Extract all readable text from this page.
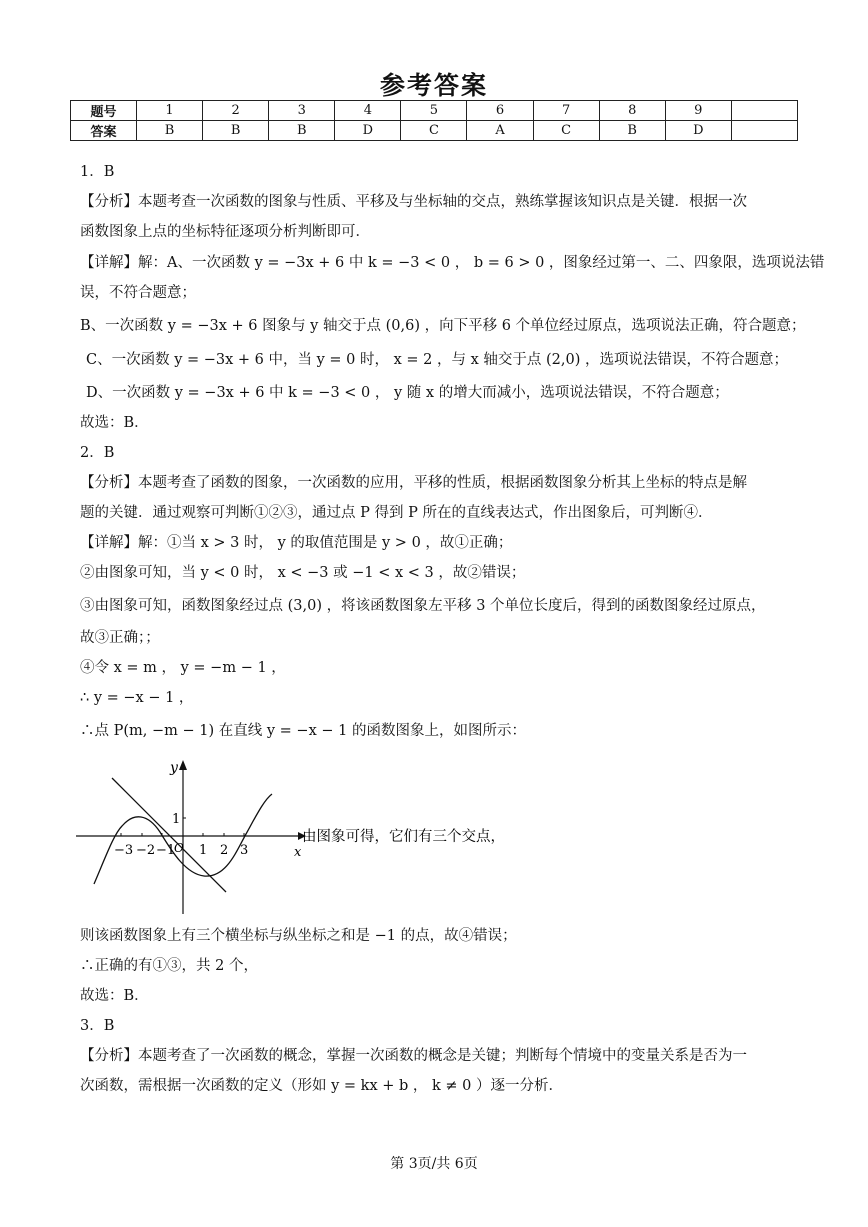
参考答案
题号	1	2	3	4	5	6	7	8	9	
答案	B	B	B	D	C	A	C	B	D	
1．B
【分析】本题考查一次函数的图象与性质、平移及与坐标轴的交点，熟练掌握该知识点是关键．根据一次
函数图象上点的坐标特征逐项分析判断即可．
【详解】解：A、一次函数 y = −3x + 6 中 k = −3 < 0 ， b = 6 > 0 ，图象经过第一、二、四象限，选项说法错
误，不符合题意；
B、一次函数 y = −3x + 6 图象与 y 轴交于点 (0,6) ，向下平移 6 个单位经过原点，选项说法正确，符合题意；
C、一次函数 y = −3x + 6 中，当 y = 0 时， x = 2 ，与 x 轴交于点 (2,0) ，选项说法错误，不符合题意；
D、一次函数 y = −3x + 6 中 k = −3 < 0 ， y 随 x 的增大而减小，选项说法错误，不符合题意；
故选：B．
2．B
【分析】本题考查了函数的图象，一次函数的应用，平移的性质，根据函数图象分析其上坐标的特点是解
题的关键．通过观察可判断①②③，通过点 P 得到 P 所在的直线表达式，作出图象后，可判断④．
【详解】解：①当 x > 3 时， y 的取值范围是 y > 0 ，故①正确；
②由图象可知，当 y < 0 时， x < −3 或 −1 < x < 3 ，故②错误；
③由图象可知，函数图象经过点 (3,0) ，将该函数图象左平移 3 个单位长度后，得到的函数图象经过原点，
故③正确；；
④令 x = m ， y = −m − 1 ，
∴ y = −x − 1 ，
∴点 P(m, −m − 1) 在直线 y = −x − 1 的函数图象上，如图所示：
y
x
−3 −2 −1 1 2 3
O
1
由图象可得，它们有三个交点，
则该函数图象上有三个横坐标与纵坐标之和是 −1 的点，故④错误；
∴正确的有①③，共 2 个，
故选：B．
3．B
【分析】本题考查了一次函数的概念，掌握一次函数的概念是关键；判断每个情境中的变量关系是否为一
次函数，需根据一次函数的定义（形如 y = kx + b ， k ≠ 0 ）逐一分析．
第 3页/共 6页
